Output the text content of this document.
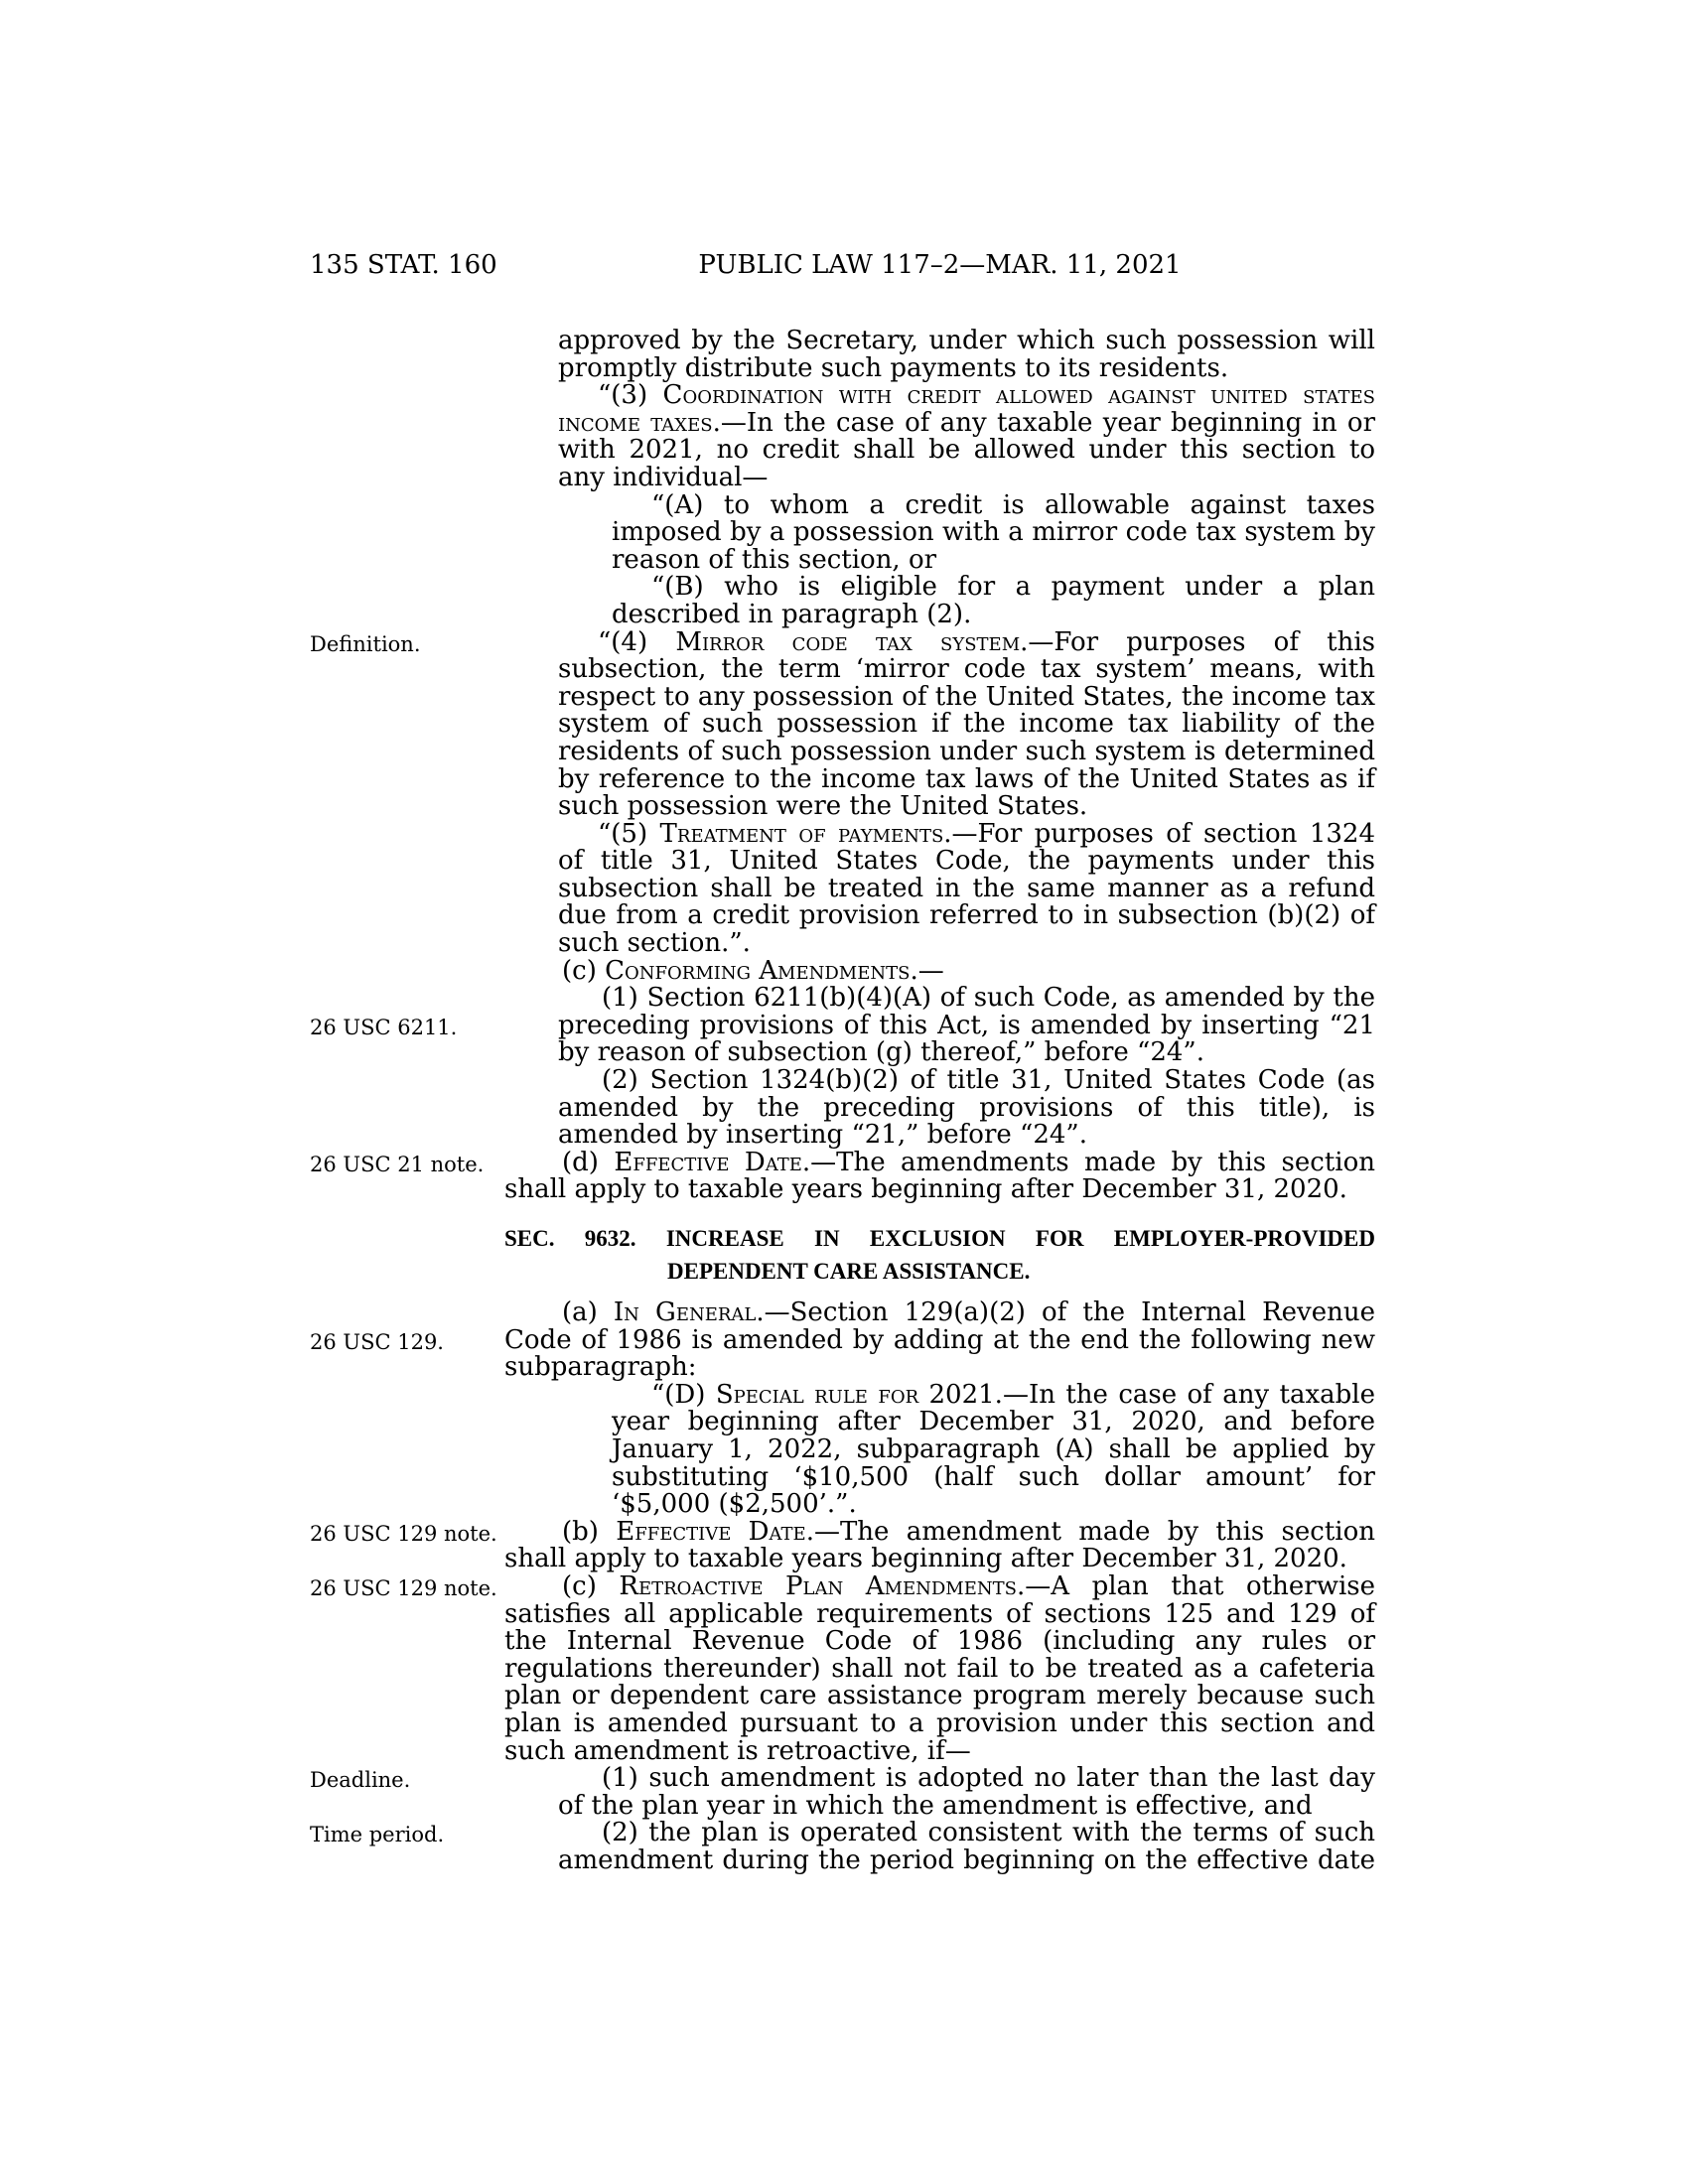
135 STAT. 160	PUBLIC LAW 117–2—MAR. 11, 2021
approved by the Secretary, under which such possession will promptly distribute such payments to its residents.
“(3) Coordination with credit allowed against united states income taxes.—In the case of any taxable year beginning in or with 2021, no credit shall be allowed under this section to any individual—
“(A) to whom a credit is allowable against taxes imposed by a possession with a mirror code tax system by reason of this section, or
“(B) who is eligible for a payment under a plan described in paragraph (2).
Definition.	“(4) Mirror code tax system.—For purposes of this subsection, the term ‘mirror code tax system’ means, with respect to any possession of the United States, the income tax system of such possession if the income tax liability of the residents of such possession under such system is determined by reference to the income tax laws of the United States as if such possession were the United States.
“(5) Treatment of payments.—For purposes of section 1324 of title 31, United States Code, the payments under this subsection shall be treated in the same manner as a refund due from a credit provision referred to in subsection (b)(2) of such section.”.
(c) Conforming Amendments.—
26 USC 6211.
(1) Section 6211(b)(4)(A) of such Code, as amended by the preceding provisions of this Act, is amended by inserting “21 by reason of subsection (g) thereof,” before “24”.
(2) Section 1324(b)(2) of title 31, United States Code (as amended by the preceding provisions of this title), is amended by inserting “21,” before “24”.
26 USC 21 note.	(d) Effective Date.—The amendments made by this section shall apply to taxable years beginning after December 31, 2020.
SEC. 9632. INCREASE IN EXCLUSION FOR EMPLOYER-PROVIDED DEPENDENT CARE ASSISTANCE.
26 USC 129.
(a) In General.—Section 129(a)(2) of the Internal Revenue Code of 1986 is amended by adding at the end the following new subparagraph:
“(D) Special rule for 2021.—In the case of any taxable year beginning after December 31, 2020, and before January 1, 2022, subparagraph (A) shall be applied by substituting ‘$10,500 (half such dollar amount’ for ‘$5,000 ($2,500’.”.
26 USC 129 note.	(b) Effective Date.—The amendment made by this section shall apply to taxable years beginning after December 31, 2020.
26 USC 129 note.	(c) Retroactive Plan Amendments.—A plan that otherwise satisfies all applicable requirements of sections 125 and 129 of the Internal Revenue Code of 1986 (including any rules or regulations thereunder) shall not fail to be treated as a cafeteria plan or dependent care assistance program merely because such plan is amended pursuant to a provision under this section and such amendment is retroactive, if—
Deadline.	(1) such amendment is adopted no later than the last day of the plan year in which the amendment is effective, and
Time period.	(2) the plan is operated consistent with the terms of such amendment during the period beginning on the effective date
